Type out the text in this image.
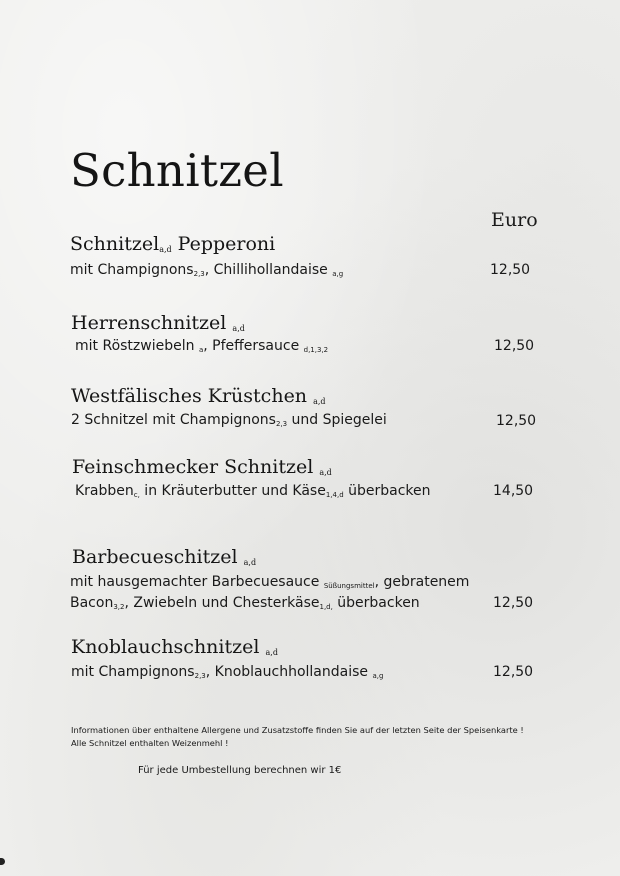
Schnitzel
Euro
Schnitzel$_{a,d}$ Pepperoni
mit Champignons$_{2,3}$, Chillihollandaise $_{a,g}$	12,50
Herrenschnitzel $_{a,d}$
mit Röstzwiebeln $_a$, Pfeffersauce $_{d,1,3,2}$	12,50
Westfälisches Krüstchen $_{a,d}$
2 Schnitzel mit Champignons$_{2,3}$ und Spiegelei	12,50
Feinschmecker Schnitzel $_{a,d}$
Krabben$_{c,}$ in Kräuterbutter und Käse$_{1,4,d}$ überbacken	14,50
Barbecueschitzel $_{a,d}$
mit hausgemachter Barbecuesauce $_{Süßungsmittel}$, gebratenem
Bacon$_{3,2}$, Zwiebeln und Chesterkäse$_{1,d,}$ überbacken	12,50
Knoblauchschnitzel $_{a,d}$
mit Champignons$_{2,3}$, Knoblauchhollandaise $_{a,g}$	12,50
Informationen über enthaltene Allergene und Zusatzstoffe finden Sie auf der letzten Seite der Speisenkarte ! Alle Schnitzel enthalten Weizenmehl !
Für jede Umbestellung berechnen wir 1€
